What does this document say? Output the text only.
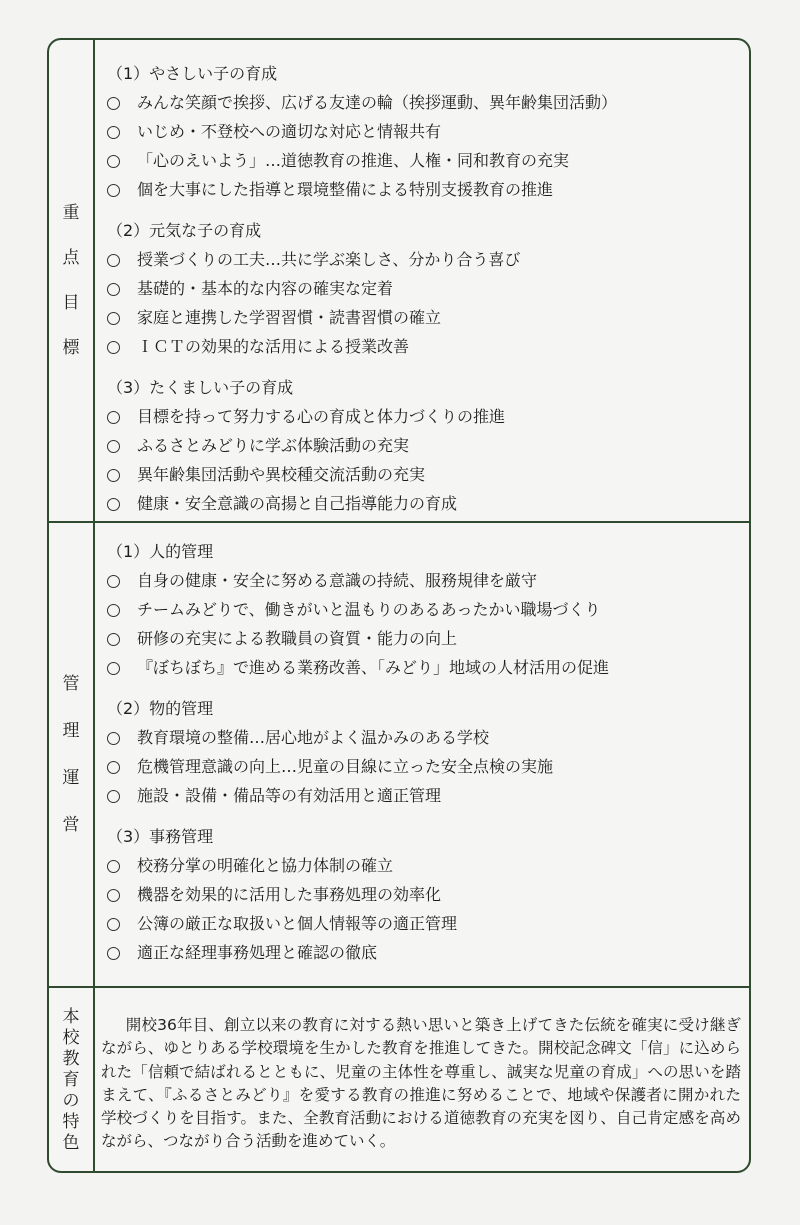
重
点
目
標
（1）やさしい子の育成
みんな笑顔で挨拶、広げる友達の輪（挨拶運動、異年齢集団活動）
いじめ・不登校への適切な対応と情報共有
「心のえいよう」…道徳教育の推進、人権・同和教育の充実
個を大事にした指導と環境整備による特別支援教育の推進
（2）元気な子の育成
授業づくりの工夫…共に学ぶ楽しさ、分かり合う喜び
基礎的・基本的な内容の確実な定着
家庭と連携した学習習慣・読書習慣の確立
ＩＣＴの効果的な活用による授業改善
（3）たくましい子の育成
目標を持って努力する心の育成と体力づくりの推進
ふるさとみどりに学ぶ体験活動の充実
異年齢集団活動や異校種交流活動の充実
健康・安全意識の高揚と自己指導能力の育成
管
理
運
営
（1）人的管理
自身の健康・安全に努める意識の持続、服務規律を厳守
チームみどりで、働きがいと温もりのあるあったかい職場づくり
研修の充実による教職員の資質・能力の向上
『ぼちぼち』で進める業務改善、「みどり」地域の人材活用の促進
（2）物的管理
教育環境の整備…居心地がよく温かみのある学校
危機管理意識の向上…児童の目線に立った安全点検の実施
施設・設備・備品等の有効活用と適正管理
（3）事務管理
校務分掌の明確化と協力体制の確立
機器を効果的に活用した事務処理の効率化
公簿の厳正な取扱いと個人情報等の適正管理
適正な経理事務処理と確認の徹底
本
校
教
育
の
特
色
開校36年目、創立以来の教育に対する熱い思いと築き上げてきた伝統を確実に受け継ぎながら、ゆとりある学校環境を生かした教育を推進してきた。開校記念碑文「信」に込められた「信頼で結ばれるとともに、児童の主体性を尊重し、誠実な児童の育成」への思いを踏まえて、『ふるさとみどり』を愛する教育の推進に努めることで、地域や保護者に開かれた学校づくりを目指す。また、全教育活動における道徳教育の充実を図り、自己肯定感を高めながら、つながり合う活動を進めていく。
